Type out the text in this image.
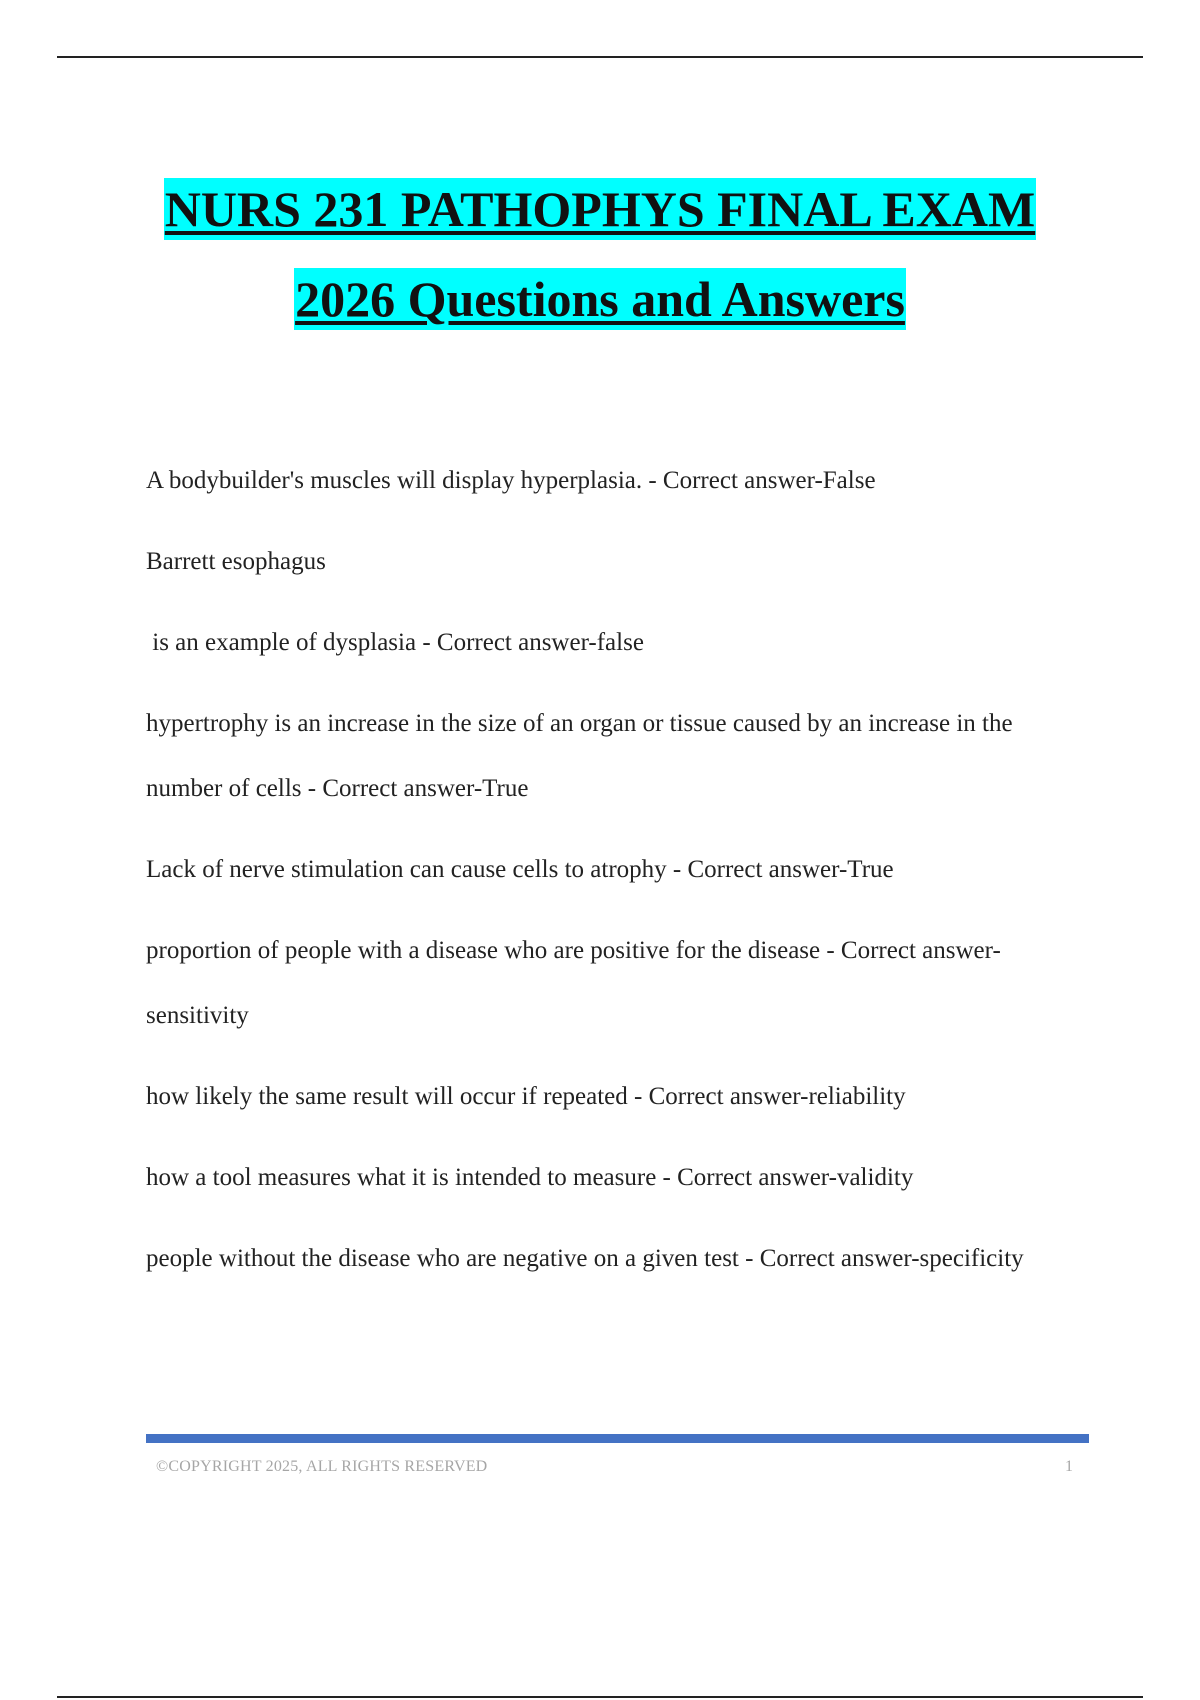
NURS 231 PATHOPHYS FINAL EXAM
2026 Questions and Answers

A bodybuilder's muscles will display hyperplasia. - Correct answer-False

Barrett esophagus

is an example of dysplasia - Correct answer-false

hypertrophy is an increase in the size of an organ or tissue caused by an increase in the number of cells - Correct answer-True

Lack of nerve stimulation can cause cells to atrophy - Correct answer-True

proportion of people with a disease who are positive for the disease - Correct answer-sensitivity

how likely the same result will occur if repeated - Correct answer-reliability

how a tool measures what it is intended to measure - Correct answer-validity

people without the disease who are negative on a given test - Correct answer-specificity

©COPYRIGHT 2025, ALL RIGHTS RESERVED	1
